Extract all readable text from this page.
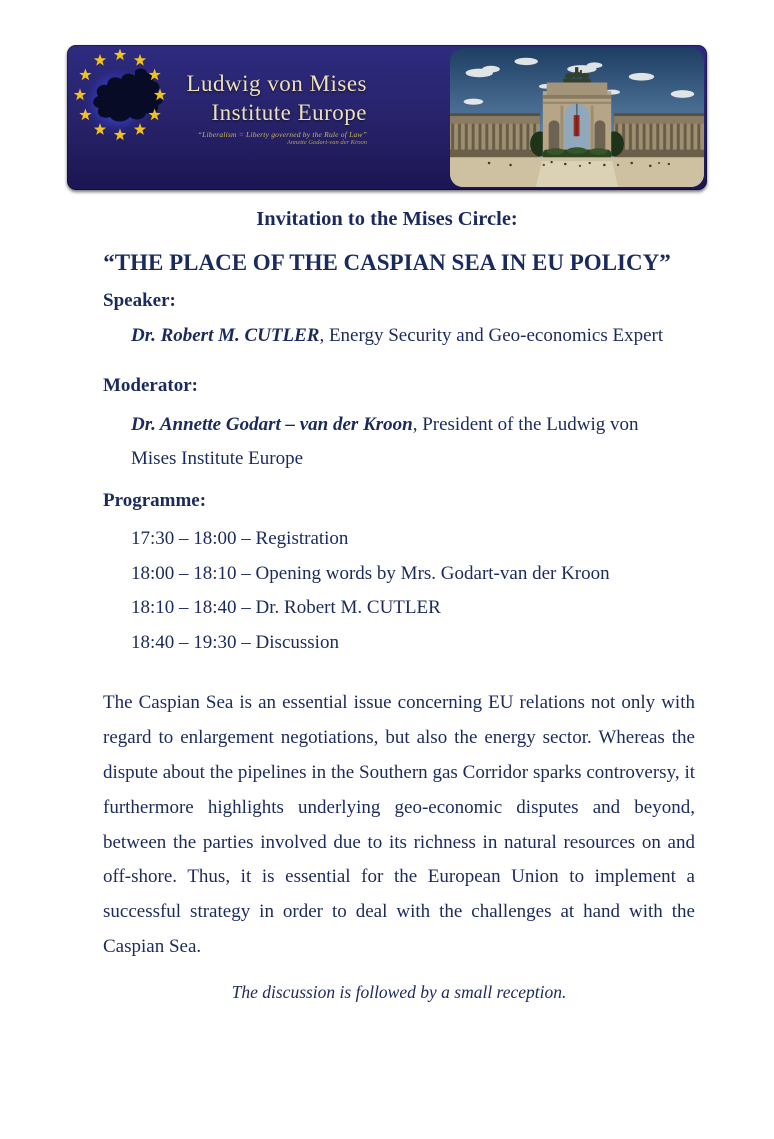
Ludwig von Mises
Institute Europe
“Liberalism = Liberty governed by the Rule of Law”
Annette Godart-van der Kroon
Invitation to the Mises Circle:
“THE PLACE OF THE CASPIAN SEA IN EU POLICY”
Speaker:

Dr. Robert M. CUTLER, Energy Security and Geo-economics Expert

Moderator:

Dr. Annette Godart – van der Kroon, President of the Ludwig von Mises Institute Europe

Programme:
17:30 – 18:00 – Registration
18:00 – 18:10 – Opening words by Mrs. Godart-van der Kroon
18:10 – 18:40 – Dr. Robert M. CUTLER
18:40 – 19:30 – Discussion

The Caspian Sea is an essential issue concerning EU relations not only with regard to enlargement negotiations, but also the energy sector. Whereas the dispute about the pipelines in the Southern gas Corridor sparks controversy, it furthermore highlights underlying geo-economic disputes and beyond, between the parties involved due to its richness in natural resources on and off-shore. Thus, it is essential for the European Union to implement a successful strategy in order to deal with the challenges at hand with the Caspian Sea.

The discussion is followed by a small reception.
